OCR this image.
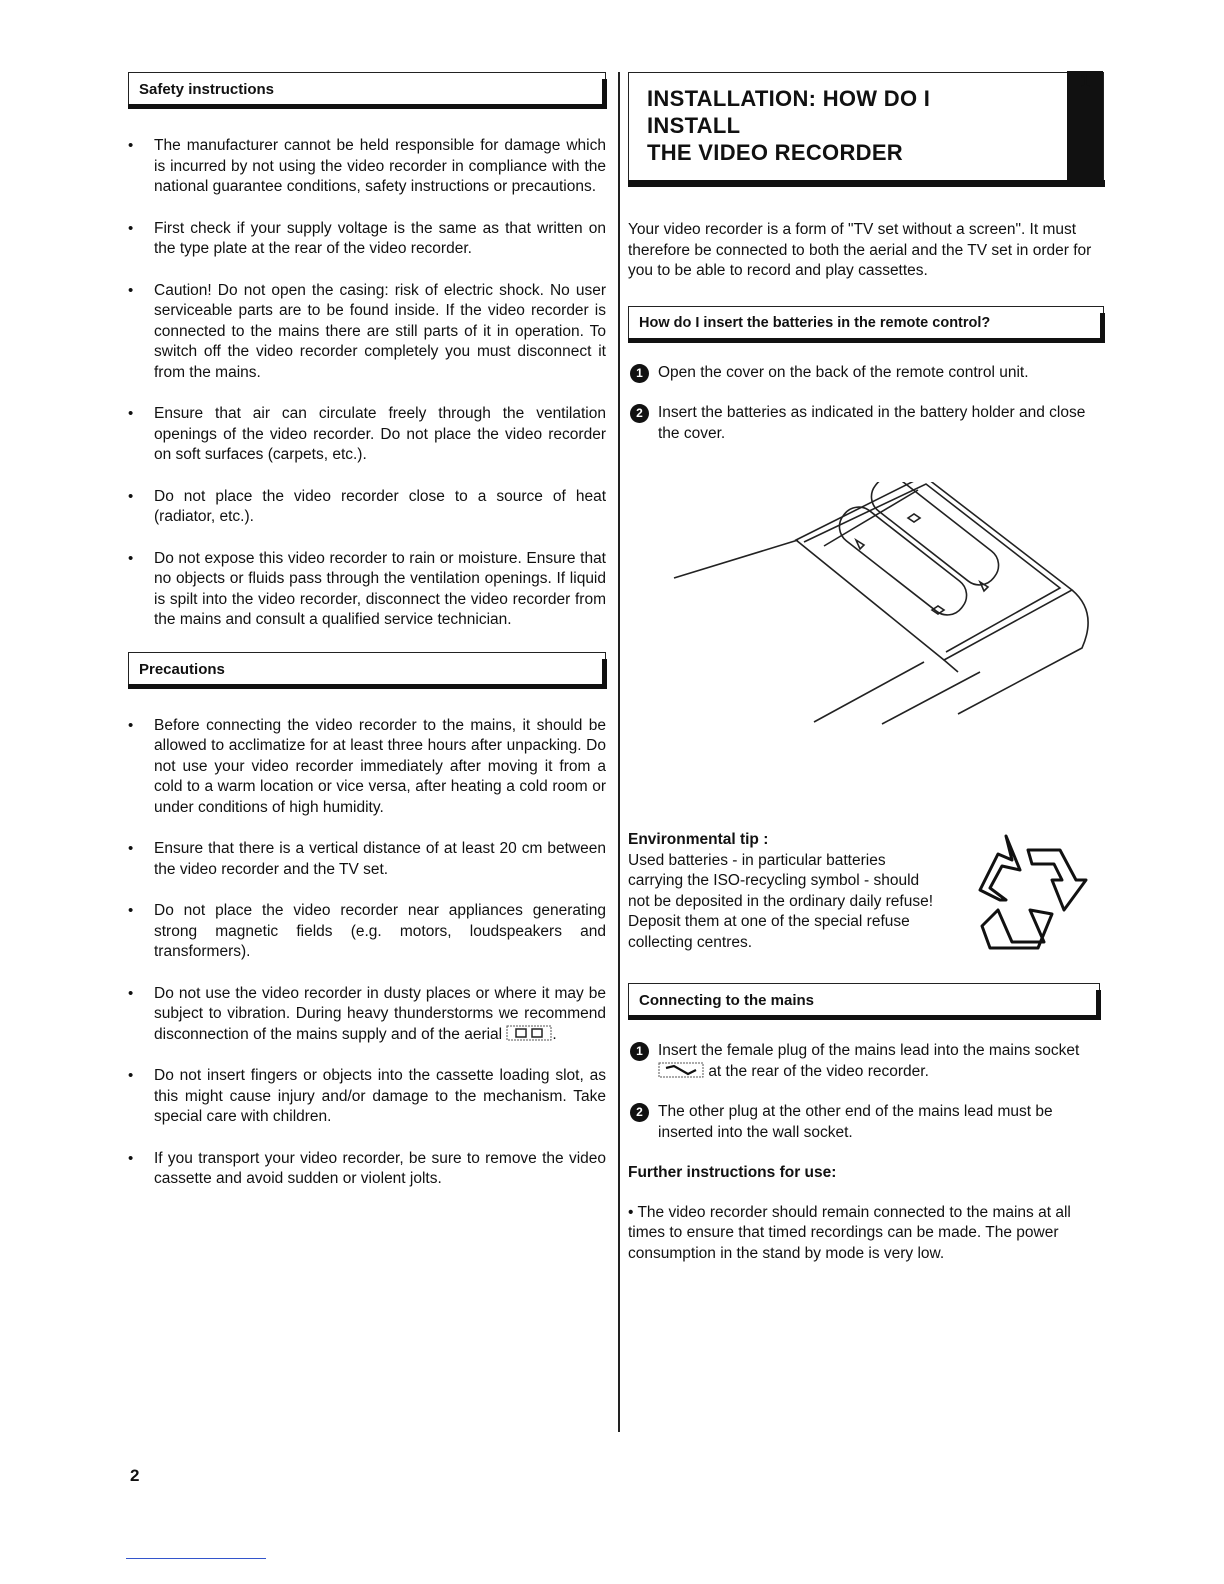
Safety instructions
• The manufacturer cannot be held responsible for damage which is incurred by not using the video recorder in compliance with the national guarantee conditions, safety instructions or precautions.
• First check if your supply voltage is the same as that written on the type plate at the rear of the video recorder.
• Caution! Do not open the casing: risk of electric shock. No user serviceable parts are to be found inside. If the video recorder is connected to the mains there are still parts of it in operation. To switch off the video recorder completely you must disconnect it from the mains.
• Ensure that air can circulate freely through the ventilation openings of the video recorder. Do not place the video recorder on soft surfaces (carpets, etc.).
• Do not place the video recorder close to a source of heat (radiator, etc.).
• Do not expose this video recorder to rain or moisture. Ensure that no objects or fluids pass through the ventilation openings. If liquid is spilt into the video recorder, disconnect the video recorder from the mains and consult a qualified service technician.
Precautions
• Before connecting the video recorder to the mains, it should be allowed to acclimatize for at least three hours after unpacking. Do not use your video recorder immediately after moving it from a cold to a warm location or vice versa, after heating a cold room or under conditions of high humidity.
• Ensure that there is a vertical distance of at least 20 cm between the video recorder and the TV set.
• Do not place the video recorder near appliances generating strong magnetic fields (e.g. motors, loudspeakers and transformers).
• Do not use the video recorder in dusty places or where it may be subject to vibration. During heavy thunderstorms we recommend disconnection of the mains supply and of the aerial	.
• Do not insert fingers or objects into the cassette loading slot, as this might cause injury and/or damage to the mechanism. Take special care with children.
• If you transport your video recorder, be sure to remove the video cassette and avoid sudden or violent jolts.
INSTALLATION: HOW DO I
INSTALL
THE VIDEO RECORDER
1

Your video recorder is a form of "TV set without a screen". It must therefore be connected to both the aerial and the TV set in order for you to be able to record and play cassettes.

How do I insert the batteries in the remote control?
1 Open the cover on the back of the remote control unit.
2 Insert the batteries as indicated in the battery holder and close the cover.
Environmental tip :

Used batteries - in particular batteries carrying the ISO-recycling symbol - should not be deposited in the ordinary daily refuse! Deposit them at one of the special refuse collecting centres.

Connecting to the mains
1 Insert the female plug of the mains lead into the mains socket  at the rear of the video recorder.
2 The other plug at the other end of the mains lead must be inserted into the wall socket.
Further instructions for use:

• The video recorder should remain connected to the mains at all times to ensure that timed recordings can be made. The power consumption in the stand by mode is very low.

2
